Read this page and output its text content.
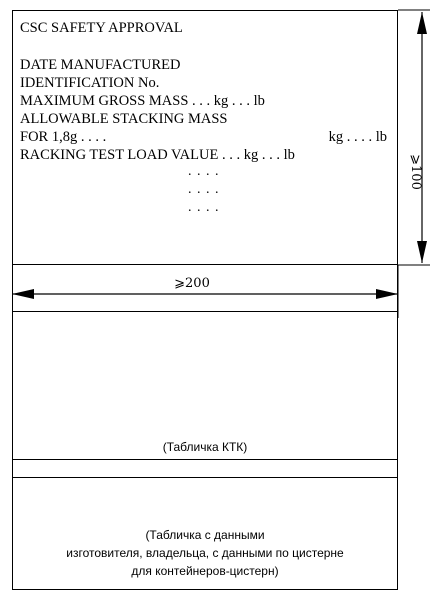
CSC SAFETY APPROVAL
DATE MANUFACTURED
IDENTIFICATION No.
MAXIMUM GROSS MASS . . . kg . . . lb
ALLOWABLE STACKING MASS
FOR 1,8g . . . .	kg . . . . lb
RACKING TEST LOAD VALUE . . . kg . . . lb
. . . .
. . . .
. . . .
(Табличка КТК)
(Табличка с данными
изготовителя, владельца, с данными по цистерне
для контейнеров-цистерн)
⩾100
⩾200
